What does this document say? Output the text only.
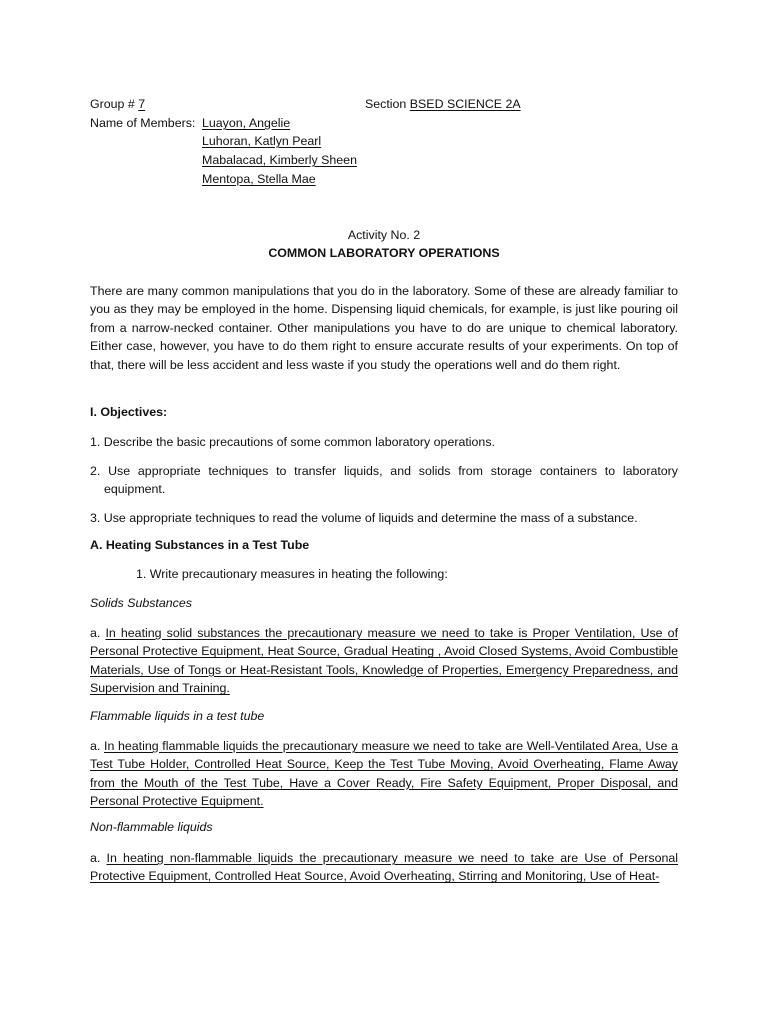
Group # 7	Section BSED SCIENCE 2A
Name of Members: Luayon, Angelie
Luhoran, Katlyn Pearl
Mabalacad, Kimberly Sheen
Mentopa, Stella Mae
Activity No. 2
COMMON LABORATORY OPERATIONS
There are many common manipulations that you do in the laboratory. Some of these are already familiar to you as they may be employed in the home. Dispensing liquid chemicals, for example, is just like pouring oil from a narrow-necked container. Other manipulations you have to do are unique to chemical laboratory. Either case, however, you have to do them right to ensure accurate results of your experiments. On top of that, there will be less accident and less waste if you study the operations well and do them right.
I. Objectives:
1. Describe the basic precautions of some common laboratory operations.
2. Use appropriate techniques to transfer liquids, and solids from storage containers to laboratory equipment.
3. Use appropriate techniques to read the volume of liquids and determine the mass of a substance.
A. Heating Substances in a Test Tube
1. Write precautionary measures in heating the following:
Solids Substances
a. In heating solid substances the precautionary measure we need to take is Proper Ventilation, Use of Personal Protective Equipment, Heat Source, Gradual Heating , Avoid Closed Systems, Avoid Combustible Materials, Use of Tongs or Heat-Resistant Tools, Knowledge of Properties, Emergency Preparedness, and Supervision and Training.
Flammable liquids in a test tube
a. In heating flammable liquids the precautionary measure we need to take are Well-Ventilated Area, Use a Test Tube Holder, Controlled Heat Source, Keep the Test Tube Moving, Avoid Overheating, Flame Away from the Mouth of the Test Tube, Have a Cover Ready, Fire Safety Equipment, Proper Disposal, and Personal Protective Equipment.
Non-flammable liquids
a. In heating non-flammable liquids the precautionary measure we need to take are Use of Personal Protective Equipment, Controlled Heat Source, Avoid Overheating, Stirring and Monitoring, Use of Heat-
